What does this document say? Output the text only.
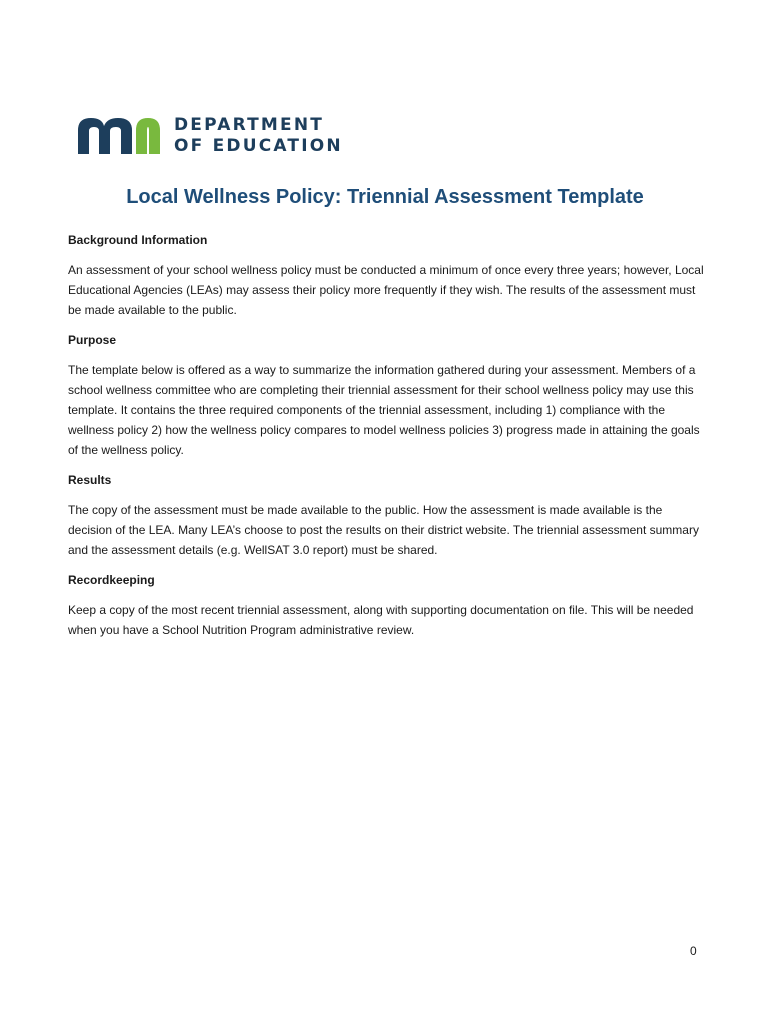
DEPARTMENT
OF EDUCATION
Local Wellness Policy: Triennial Assessment Template
Background Information

An assessment of your school wellness policy must be conducted a minimum of once every three years; however, Local Educational Agencies (LEAs) may assess their policy more frequently if they wish. The results of the assessment must be made available to the public.

Purpose

The template below is offered as a way to summarize the information gathered during your assessment. Members of a school wellness committee who are completing their triennial assessment for their school wellness policy may use this template. It contains the three required components of the triennial assessment, including 1) compliance with the wellness policy 2) how the wellness policy compares to model wellness policies 3) progress made in attaining the goals of the wellness policy.

Results

The copy of the assessment must be made available to the public. How the assessment is made available is the decision of the LEA. Many LEA’s choose to post the results on their district website. The triennial assessment summary and the assessment details (e.g. WellSAT 3.0 report) must be shared.

Recordkeeping

Keep a copy of the most recent triennial assessment, along with supporting documentation on file. This will be needed when you have a School Nutrition Program administrative review.

0
